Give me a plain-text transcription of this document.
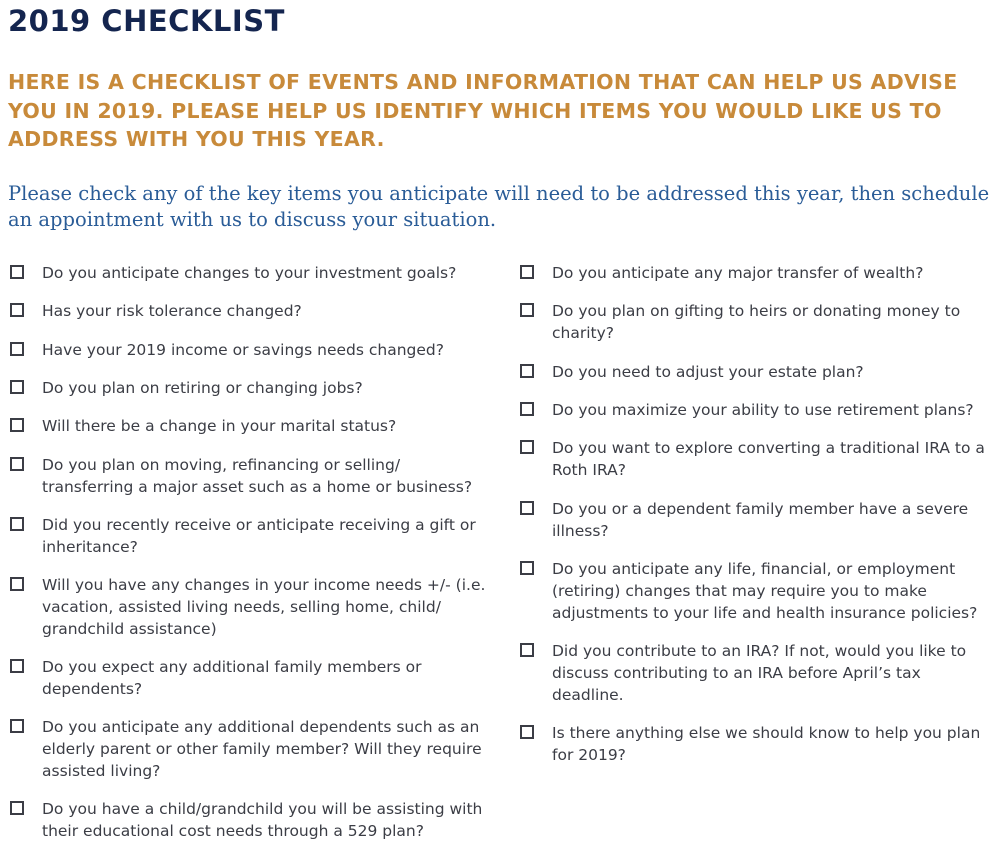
2019 CHECKLIST
HERE IS A CHECKLIST OF EVENTS AND INFORMATION THAT CAN HELP US ADVISE YOU IN 2019. PLEASE HELP US IDENTIFY WHICH ITEMS YOU WOULD LIKE US TO ADDRESS WITH YOU THIS YEAR.

Please check any of the key items you anticipate will need to be addressed this year, then schedule an appointment with us to discuss your situation.

Do you anticipate changes to your investment goals?
Has your risk tolerance changed?
Have your 2019 income or savings needs changed?
Do you plan on retiring or changing jobs?
Will there be a change in your marital status?
Do you plan on moving, refinancing or selling/ transferring a major asset such as a home or business?
Did you recently receive or anticipate receiving a gift or inheritance?
Will you have any changes in your income needs +/- (i.e. vacation, assisted living needs, selling home, child/ grandchild assistance)
Do you expect any additional family members or dependents?
Do you anticipate any additional dependents such as an elderly parent or other family member? Will they require assisted living?
Do you have a child/grandchild you will be assisting with their educational cost needs through a 529 plan?
Do you anticipate any major transfer of wealth?
Do you plan on gifting to heirs or donating money to charity?
Do you need to adjust your estate plan?
Do you maximize your ability to use retirement plans?
Do you want to explore converting a traditional IRA to a Roth IRA?
Do you or a dependent family member have a severe illness?
Do you anticipate any life, financial, or employment (retiring) changes that may require you to make adjustments to your life and health insurance policies?
Did you contribute to an IRA? If not, would you like to discuss contributing to an IRA before April’s tax deadline.
Is there anything else we should know to help you plan for 2019?
